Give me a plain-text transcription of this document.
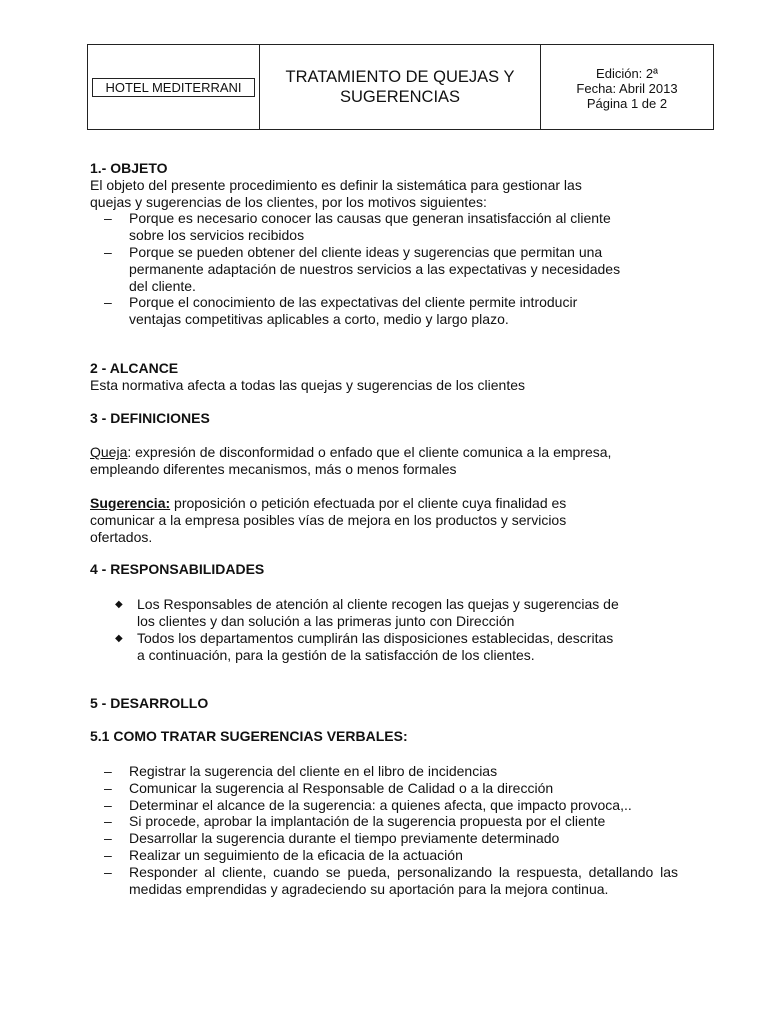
HOTEL MEDITERRANI
TRATAMIENTO DE QUEJAS Y
SUGERENCIAS
Edición: 2ª
Fecha: Abril 2013
Página 1 de 2
1.- OBJETO

El objeto del presente procedimiento es definir la sistemática para gestionar las
quejas y sugerencias de los clientes, por los motivos siguientes:

– Porque es necesario conocer las causas que generan insatisfacción al cliente
sobre los servicios recibidos
– Porque se pueden obtener del cliente ideas y sugerencias que permitan una
permanente adaptación de nuestros servicios a las expectativas y necesidades
del cliente.
– Porque el conocimiento de las expectativas del cliente permite introducir
ventajas competitivas aplicables a corto, medio y largo plazo.
2 - ALCANCE

Esta normativa afecta a todas las quejas y sugerencias de los clientes

3 - DEFINICIONES

Queja: expresión de disconformidad o enfado que el cliente comunica a la empresa,
empleando diferentes mecanismos, más o menos formales

Sugerencia: proposición o petición efectuada por el cliente cuya finalidad es
comunicar a la empresa posibles vías de mejora en los productos y servicios
ofertados.

4 - RESPONSABILIDADES
◆ Los Responsables de atención al cliente recogen las quejas y sugerencias de
los clientes y dan solución a las primeras junto con Dirección
◆ Todos los departamentos cumplirán las disposiciones establecidas, descritas
a continuación, para la gestión de la satisfacción de los clientes.
5 - DESARROLLO
5.1 COMO TRATAR SUGERENCIAS VERBALES:
– Registrar la sugerencia del cliente en el libro de incidencias
– Comunicar la sugerencia al Responsable de Calidad o a la dirección
– Determinar el alcance de la sugerencia: a quienes afecta, que impacto provoca,..
– Si procede, aprobar la implantación de la sugerencia propuesta por el cliente
– Desarrollar la sugerencia durante el tiempo previamente determinado
– Realizar un seguimiento de la eficacia de la actuación
– Responder al cliente, cuando se pueda, personalizando la respuesta, detallando las medidas emprendidas y agradeciendo su aportación para la mejora continua.
